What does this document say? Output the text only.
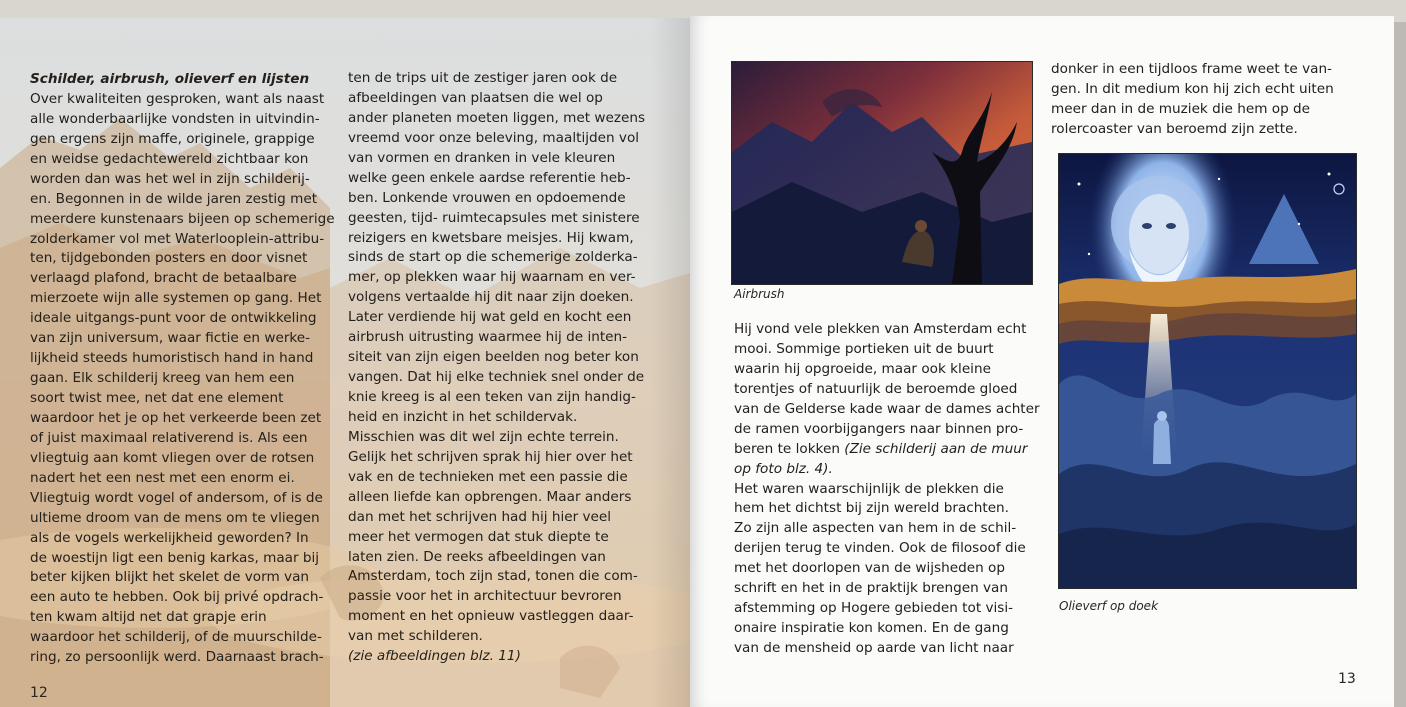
Schilder, airbrush, olieverf en lijsten
Over kwaliteiten gesproken, want als naast
alle wonderbaarlijke vondsten in uitvindin-
gen ergens zijn maffe, originele, grappige
en weidse gedachtewereld zichtbaar kon
worden dan was het wel in zijn schilderij-
en. Begonnen in de wilde jaren zestig met
meerdere kunstenaars bijeen op schemerige
zolderkamer vol met Waterlooplein-attribu-
ten, tijdgebonden posters en door visnet
verlaagd plafond, bracht de betaalbare
mierzoete wijn alle systemen op gang. Het
ideale uitgangs-punt voor de ontwikkeling
van zijn universum, waar fictie en werke-
lijkheid steeds humoristisch hand in hand
gaan. Elk schilderij kreeg van hem een
soort twist mee, net dat ene element
waardoor het je op het verkeerde been zet
of juist maximaal relativerend is. Als een
vliegtuig aan komt vliegen over de rotsen
nadert het een nest met een enorm ei.
Vliegtuig wordt vogel of andersom, of is de
ultieme droom van de mens om te vliegen
als de vogels werkelijkheid geworden? In
de woestijn ligt een benig karkas, maar bij
beter kijken blijkt het skelet de vorm van
een auto te hebben. Ook bij privé opdrach-
ten kwam altijd net dat grapje erin
waardoor het schilderij, of de muurschilde-
ring, zo persoonlijk werd. Daarnaast brach-
ten de trips uit de zestiger jaren ook de
afbeeldingen van plaatsen die wel op
ander planeten moeten liggen, met wezens
vreemd voor onze beleving, maaltijden vol
van vormen en dranken in vele kleuren
welke geen enkele aardse referentie heb-
ben. Lonkende vrouwen en opdoemende
geesten, tijd- ruimtecapsules met sinistere
reizigers en kwetsbare meisjes. Hij kwam,
sinds de start op die schemerige zolderka-
mer, op plekken waar hij waarnam en ver-
volgens vertaalde hij dit naar zijn doeken.
Later verdiende hij wat geld en kocht een
airbrush uitrusting waarmee hij de inten-
siteit van zijn eigen beelden nog beter kon
vangen. Dat hij elke techniek snel onder de
knie kreeg is al een teken van zijn handig-
heid en inzicht in het schildervak.
Misschien was dit wel zijn echte terrein.
Gelijk het schrijven sprak hij hier over het
vak en de technieken met een passie die
alleen liefde kan opbrengen. Maar anders
dan met het schrijven had hij hier veel
meer het vermogen dat stuk diepte te
laten zien. De reeks afbeeldingen van
Amsterdam, toch zijn stad, tonen die com-
passie voor het in architectuur bevroren
moment en het opnieuw vastleggen daar-
van met schilderen.
(zie afbeeldingen blz. 11)
12
Airbrush
Hij vond vele plekken van Amsterdam echt
mooi. Sommige portieken uit de buurt
waarin hij opgroeide, maar ook kleine
torentjes of natuurlijk de beroemde gloed
van de Gelderse kade waar de dames achter
de ramen voorbijgangers naar binnen pro-
beren te lokken (Zie schilderij aan de muur
op foto blz. 4).
Het waren waarschijnlijk de plekken die
hem het dichtst bij zijn wereld brachten.
Zo zijn alle aspecten van hem in de schil-
derijen terug te vinden. Ook de filosoof die
met het doorlopen van de wijsheden op
schrift en het in de praktijk brengen van
afstemming op Hogere gebieden tot visi-
onaire inspiratie kon komen. En de gang
van de mensheid op aarde van licht naar
donker in een tijdloos frame weet te van-
gen. In dit medium kon hij zich echt uiten
meer dan in de muziek die hem op de
rolercoaster van beroemd zijn zette.
Olieverf op doek
13
